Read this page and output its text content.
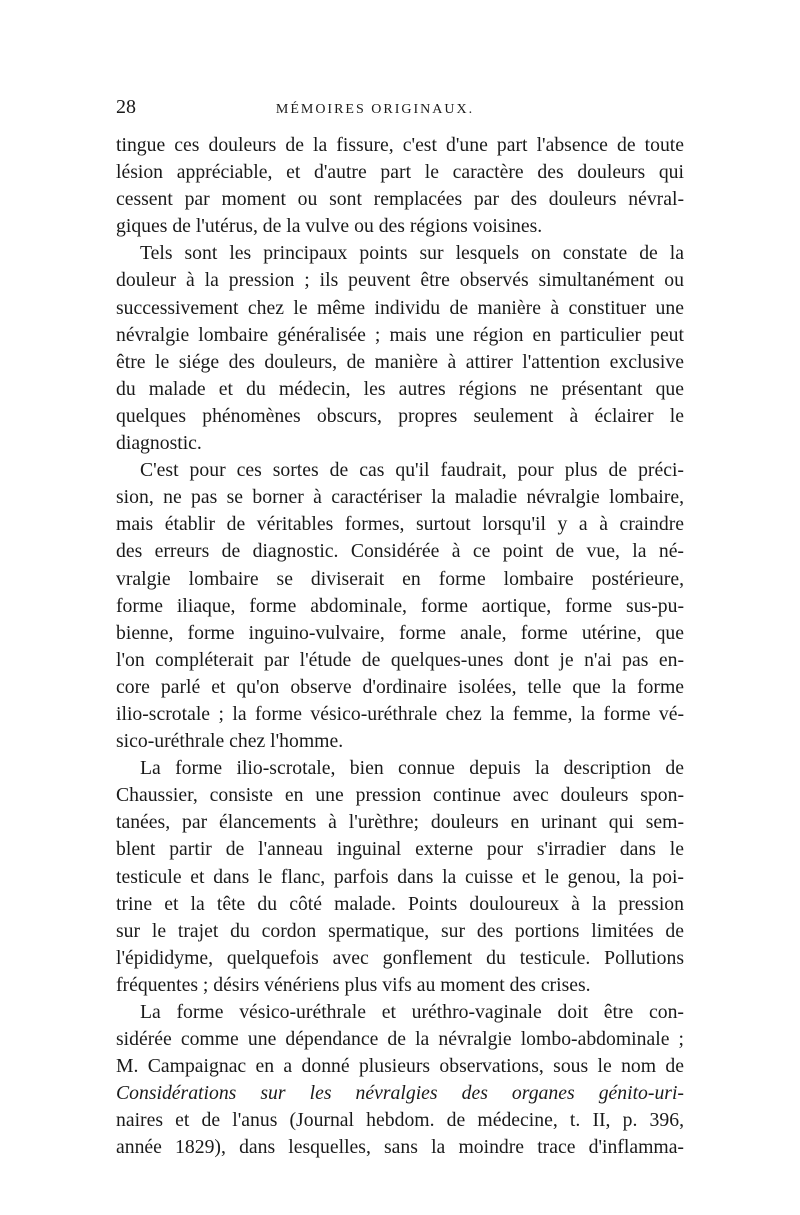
28	MÉMOIRES ORIGINAUX.
tingue ces douleurs de la fissure, c'est d'une part l'absence de toute
lésion appréciable, et d'autre part le caractère des douleurs qui
cessent par moment ou sont remplacées par des douleurs névral-
giques de l'utérus, de la vulve ou des régions voisines.
Tels sont les principaux points sur lesquels on constate de la
douleur à la pression ; ils peuvent être observés simultanément ou
successivement chez le même individu de manière à constituer une
névralgie lombaire généralisée ; mais une région en particulier peut
être le siége des douleurs, de manière à attirer l'attention exclusive
du malade et du médecin, les autres régions ne présentant que
quelques phénomènes obscurs, propres seulement à éclairer le
diagnostic.
C'est pour ces sortes de cas qu'il faudrait, pour plus de préci-
sion, ne pas se borner à caractériser la maladie névralgie lombaire,
mais établir de véritables formes, surtout lorsqu'il y a à craindre
des erreurs de diagnostic. Considérée à ce point de vue, la né-
vralgie lombaire se diviserait en forme lombaire postérieure,
forme iliaque, forme abdominale, forme aortique, forme sus-pu-
bienne, forme inguino-vulvaire, forme anale, forme utérine, que
l'on compléterait par l'étude de quelques-unes dont je n'ai pas en-
core parlé et qu'on observe d'ordinaire isolées, telle que la forme
ilio-scrotale ; la forme vésico-uréthrale chez la femme, la forme vé-
sico-uréthrale chez l'homme.
La forme ilio-scrotale, bien connue depuis la description de
Chaussier, consiste en une pression continue avec douleurs spon-
tanées, par élancements à l'urèthre; douleurs en urinant qui sem-
blent partir de l'anneau inguinal externe pour s'irradier dans le
testicule et dans le flanc, parfois dans la cuisse et le genou, la poi-
trine et la tête du côté malade. Points douloureux à la pression
sur le trajet du cordon spermatique, sur des portions limitées de
l'épididyme, quelquefois avec gonflement du testicule. Pollutions
fréquentes ; désirs vénériens plus vifs au moment des crises.
La forme vésico-uréthrale et uréthro-vaginale doit être con-
sidérée comme une dépendance de la névralgie lombo-abdominale ;
M. Campaignac en a donné plusieurs observations, sous le nom de
Considérations sur les névralgies des organes génito-uri-
naires et de l'anus (Journal hebdom. de médecine, t. II, p. 396,
année 1829), dans lesquelles, sans la moindre trace d'inflamma-
